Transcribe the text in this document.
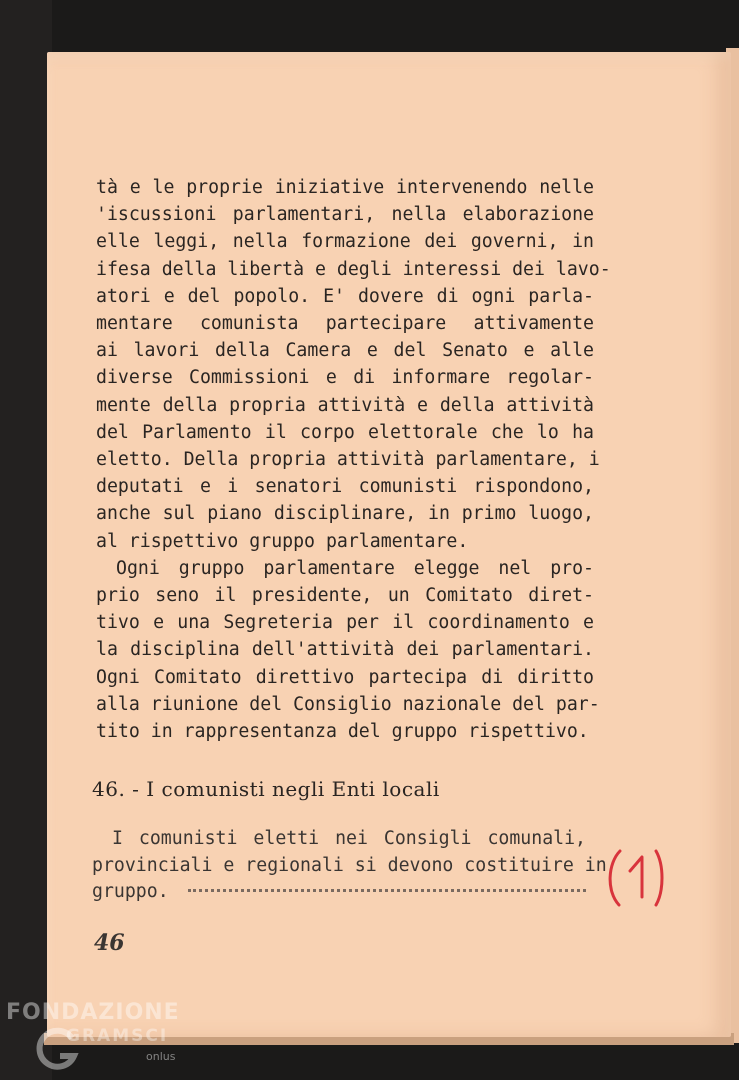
tà e le proprie iniziative intervenendo nelle
'iscussioni parlamentari, nella elaborazione
elle leggi, nella formazione dei governi, in
ifesa della libertà e degli interessi dei lavo-
atori e del popolo. E' dovere di ogni parla-
mentare comunista partecipare attivamente
ai lavori della Camera e del Senato e alle
diverse Commissioni e di informare regolar-
mente della propria attività e della attività
del Parlamento il corpo elettorale che lo ha
eletto. Della propria attività parlamentare, i
deputati e i senatori comunisti rispondono,
anche sul piano disciplinare, in primo luogo,
al rispettivo gruppo parlamentare.
Ogni gruppo parlamentare elegge nel pro-
prio seno il presidente, un Comitato diret-
tivo e una Segreteria per il coordinamento e
la disciplina dell'attività dei parlamentari.
Ogni Comitato direttivo partecipa di diritto
alla riunione del Consiglio nazionale del par-
tito in rappresentanza del gruppo rispettivo.
46. - I comunisti negli Enti locali
I comunisti eletti nei Consigli comunali,
provinciali e regionali si devono costituire in
gruppo.
46
FONDAZIONE
GRAMSCI
onlus
